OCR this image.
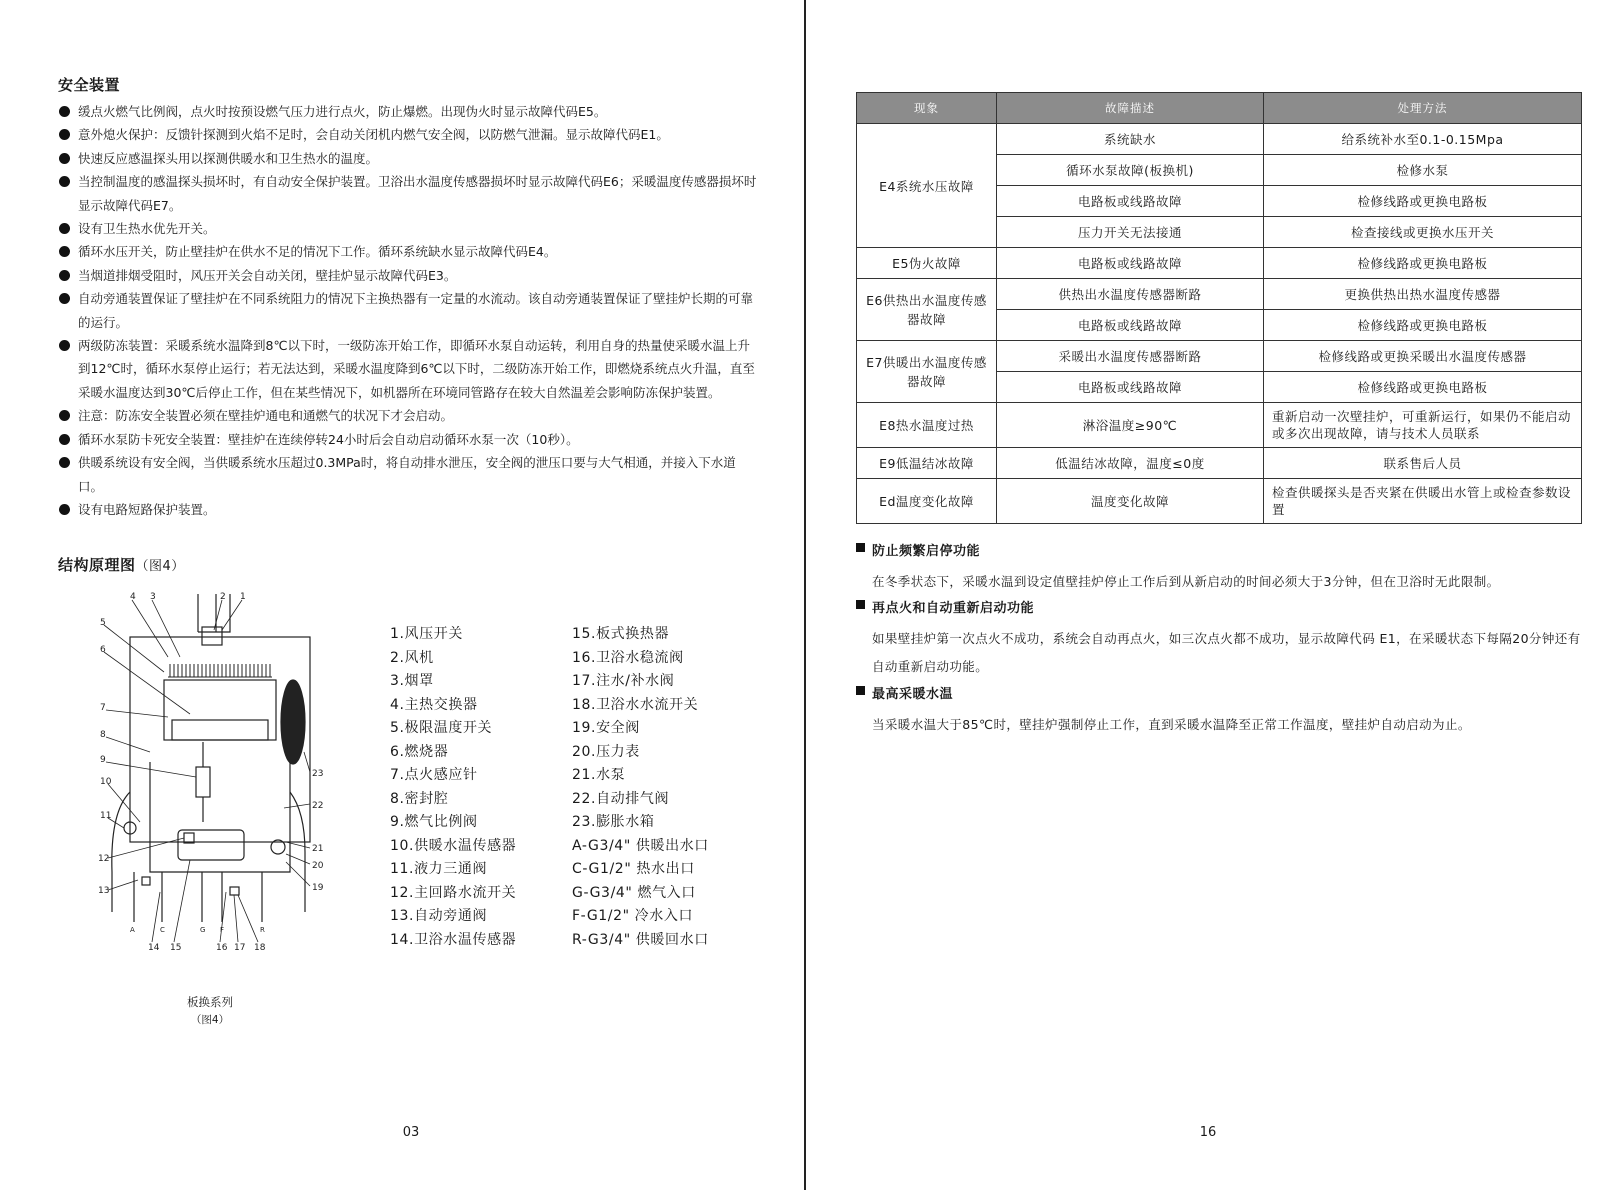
安全装置
缓点火燃气比例阀，点火时按预设燃气压力进行点火，防止爆燃。出现伪火时显示故障代码E5。
意外熄火保护：反馈针探测到火焰不足时，会自动关闭机内燃气安全阀，以防燃气泄漏。显示故障代码E1。
快速反应感温探头用以探测供暖水和卫生热水的温度。
当控制温度的感温探头损坏时，有自动安全保护装置。卫浴出水温度传感器损坏时显示故障代码E6；采暖温度传感器损坏时显示故障代码E7。
设有卫生热水优先开关。
循环水压开关，防止壁挂炉在供水不足的情况下工作。循环系统缺水显示故障代码E4。
当烟道排烟受阻时，风压开关会自动关闭，壁挂炉显示故障代码E3。
自动旁通装置保证了壁挂炉在不同系统阻力的情况下主换热器有一定量的水流动。该自动旁通装置保证了壁挂炉长期的可靠的运行。
两级防冻装置：采暖系统水温降到8℃以下时，一级防冻开始工作，即循环水泵自动运转，利用自身的热量使采暖水温上升到12℃时，循环水泵停止运行；若无法达到，采暖水温度降到6℃以下时，二级防冻开始工作，即燃烧系统点火升温，直至采暖水温度达到30℃后停止工作，但在某些情况下，如机器所在环境同管路存在较大自然温差会影响防冻保护装置。
注意：防冻安全装置必须在壁挂炉通电和通燃气的状况下才会启动。
循环水泵防卡死安全装置：壁挂炉在连续停转24小时后会自动启动循环水泵一次（10秒）。
供暖系统设有安全阀，当供暖系统水压超过0.3MPa时，将自动排水泄压，安全阀的泄压口要与大气相通，并接入下水道口。
设有电路短路保护装置。
结构原理图（图4）
1
2
3
4
5
6
7
8
9
10
11
12
13
14 15	16 17 18
19
20
21
22
23
A	C	G F	R
板换系列
（图4）
1.风压开关
2.风机
3.烟罩
4.主热交换器
5.极限温度开关
6.燃烧器
7.点火感应针
8.密封腔
9.燃气比例阀
10.供暖水温传感器
11.液力三通阀
12.主回路水流开关
13.自动旁通阀
14.卫浴水温传感器
15.板式换热器
16.卫浴水稳流阀
17.注水/补水阀
18.卫浴水水流开关
19.安全阀
20.压力表
21.水泵
22.自动排气阀
23.膨胀水箱
A-G3/4" 供暖出水口
C-G1/2" 热水出口
G-G3/4" 燃气入口
F-G1/2" 冷水入口
R-G3/4" 供暖回水口
03
现象	故障描述	处理方法
E4系统水压故障	系统缺水	给系统补水至0.1-0.15Mpa
	循环水泵故障(板换机)	检修水泵
	电路板或线路故障	检修线路或更换电路板
	压力开关无法接通	检查接线或更换水压开关
E5伪火故障	电路板或线路故障	检修线路或更换电路板
E6供热出水温度传感器故障	供热出水温度传感器断路	更换供热出热水温度传感器
	电路板或线路故障	检修线路或更换电路板
E7供暖出水温度传感器故障	采暖出水温度传感器断路	检修线路或更换采暖出水温度传感器
	电路板或线路故障	检修线路或更换电路板
E8热水温度过热	淋浴温度≥90℃	重新启动一次壁挂炉，可重新运行，如果仍不能启动或多次出现故障，请与技术人员联系
E9低温结冰故障	低温结冰故障，温度≤0度	联系售后人员
Ed温度变化故障	温度变化故障	检查供暖探头是否夹紧在供暖出水管上或检查参数设置
防止频繁启停功能
在冬季状态下，采暖水温到设定值壁挂炉停止工作后到从新启动的时间必须大于3分钟，但在卫浴时无此限制。
再点火和自动重新启动功能
如果壁挂炉第一次点火不成功，系统会自动再点火，如三次点火都不成功，显示故障代码 E1，在采暖状态下每隔20分钟还有自动重新启动功能。
最高采暖水温
当采暖水温大于85℃时，壁挂炉强制停止工作，直到采暖水温降至正常工作温度，壁挂炉自动启动为止。
16
